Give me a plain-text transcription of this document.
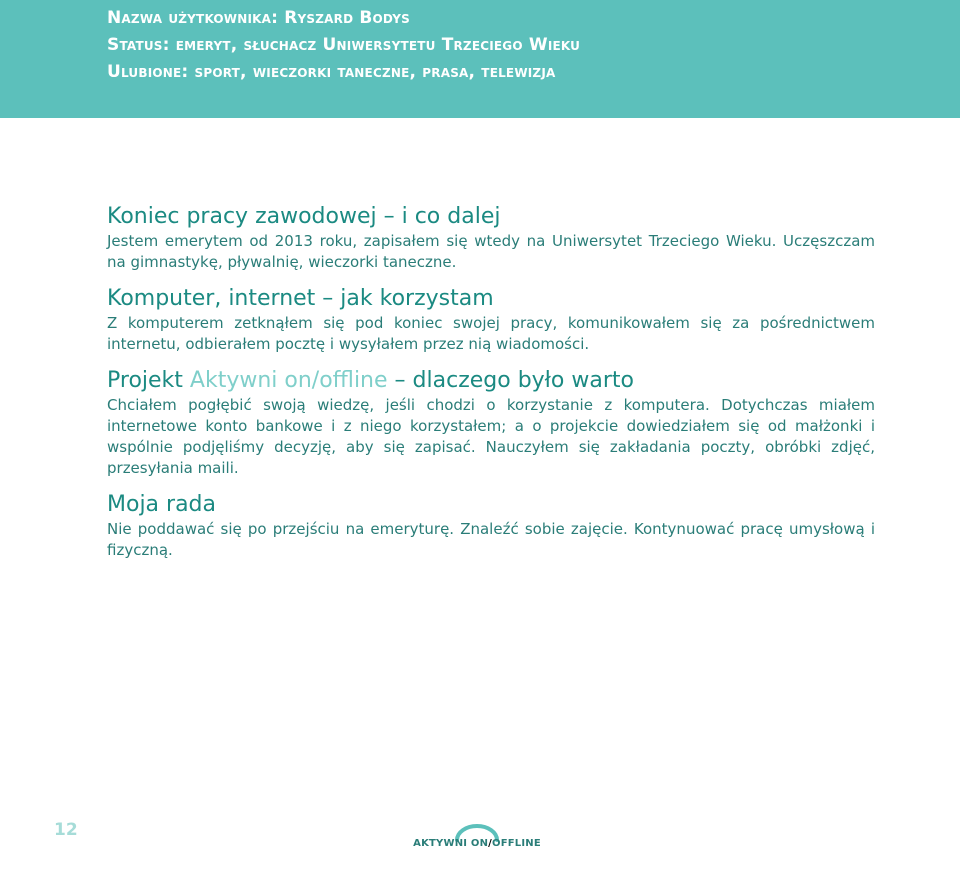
Nazwa użytkownika: Ryszard Bodys
Status: emeryt, słuchacz Uniwersytetu Trzeciego Wieku
Ulubione: sport, wieczorki taneczne, prasa, telewizja
Koniec pracy zawodowej – i co dalej

Jestem emerytem od 2013 roku, zapisałem się wtedy na Uniwersytet Trzeciego Wieku. Uczęszczam na gimnastykę, pływalnię, wieczorki taneczne.

Komputer, internet – jak korzystam

Z komputerem zetknąłem się pod koniec swojej pracy, komunikowałem się za pośrednictwem internetu, odbierałem pocztę i wysyłałem przez nią wiadomości.

Projekt Aktywni on/offline – dlaczego było warto

Chciałem pogłębić swoją wiedzę, jeśli chodzi o korzystanie z komputera. Dotychczas miałem internetowe konto bankowe i z niego korzystałem; a o projekcie dowiedziałem się od małżonki i wspólnie podjęliśmy decyzję, aby się zapisać. Nauczyłem się zakładania poczty, obróbki zdjęć, przesyłania maili.

Moja rada

Nie poddawać się po przejściu na emeryturę. Znaleźć sobie zajęcie. Kontynuować pracę umysłową i fizyczną.

12
AKTYWNI ON/OFFLINE
